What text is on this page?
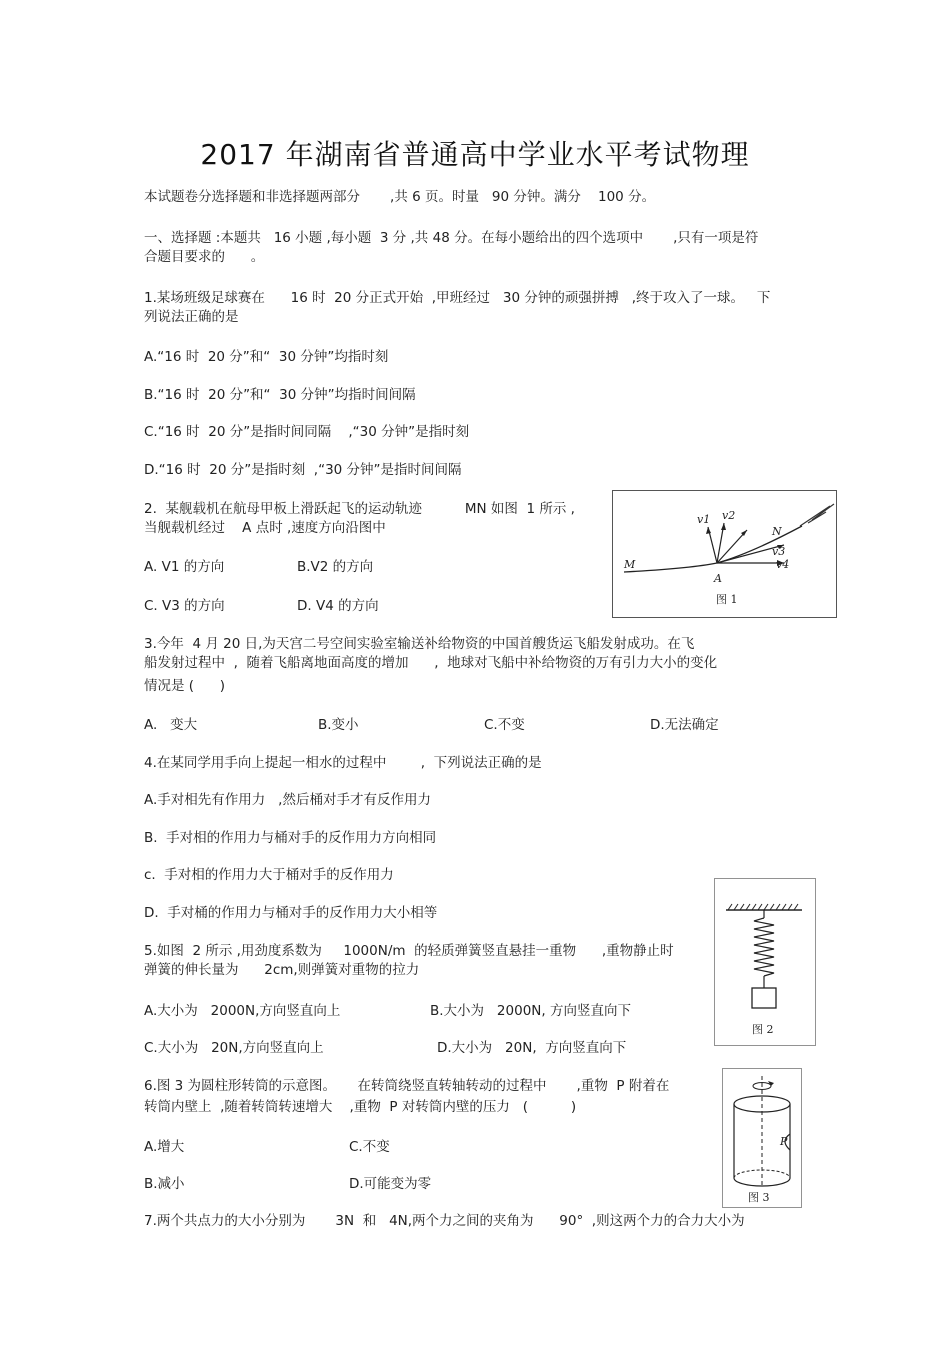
2017 年湖南省普通高中学业水平考试物理
本试题卷分选择题和非选择题两部分       ,共 6 页。时量   90 分钟。满分    100 分。
一、选择题 :本题共   16 小题 ,每小题  3 分 ,共 48 分。在每小题给出的四个选项中       ,只有一项是符
合题目要求的      。
1.某场班级足球赛在      16 时  20 分正式开始  ,甲班经过   30 分钟的顽强拼搏   ,终于攻入了一球。   下
列说法正确的是
A.“16 时  20 分”和“  30 分钟”均指时刻
B.“16 时  20 分”和“  30 分钟”均指时间间隔
C.“16 时  20 分”是指时间同隔    ,“30 分钟”是指时刻
D.“16 时  20 分”是指时刻  ,“30 分钟”是指时间间隔
2.  某舰载机在航母甲板上滑跃起飞的运动轨迹          MN 如图  1 所示 ,
当舰载机经过    A 点时 ,速度方向沿图中
A. V1 的方向	B.V2 的方向
C. V3 的方向	D. V4 的方向
v1 v2
v3
v4
M
N
A
图 1
3.今年  4 月 20 日,为天宫二号空间实验室输送补给物资的中国首艘货运飞船发射成功。在飞
船发射过程中  ,  随着飞船离地面高度的增加      ,  地球对飞船中补给物资的万有引力大小的变化
情况是 (      )
A.   变大	B.变小	C.不变	D.无法确定
4.在某同学用手向上提起一相水的过程中        ,  下列说法正确的是
A.手对相先有作用力   ,然后桶对手才有反作用力
B.  手对相的作用力与桶对手的反作用力方向相同
c.  手对相的作用力大于桶对手的反作用力
D.  手对桶的作用力与桶对手的反作用力大小相等
图 2
5.如图  2 所示 ,用劲度系数为     1000N/m  的轻质弹簧竖直悬挂一重物      ,重物静止时
弹簧的伸长量为      2cm,则弹簧对重物的拉力
A.大小为   2000N,方向竖直向上	B.大小为   2000N, 方向竖直向下
C.大小为   20N,方向竖直向上	D.大小为   20N,  方向竖直向下
P
图 3
6.图 3 为圆柱形转筒的示意图。     在转筒绕竖直转轴转动的过程中       ,重物  P 附着在
转筒内壁上  ,随着转筒转速增大    ,重物  P 对转筒内壁的压力   (          )
A.增大	C.不变
B.减小	D.可能变为零
7.两个共点力的大小分别为       3N  和   4N,两个力之间的夹角为      90°  ,则这两个力的合力大小为
